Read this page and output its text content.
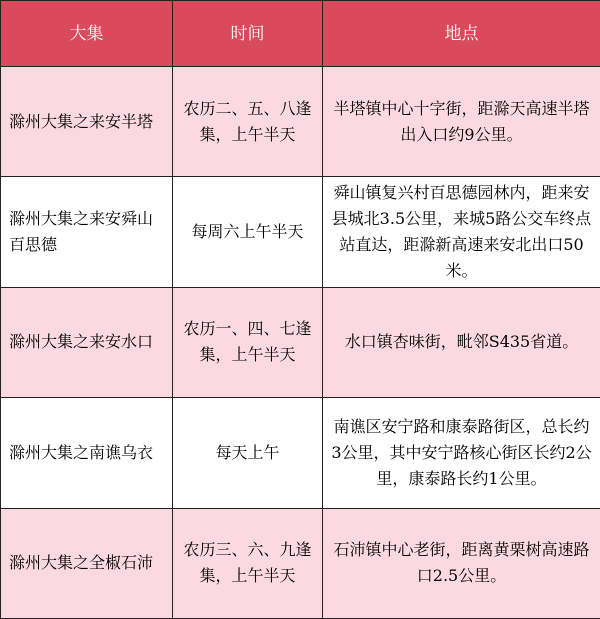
大集	时间	地点
滁州大集之来安半塔	农历二、五、八逢集，上午半天	半塔镇中心十字街，距滁天高速半塔出入口约9公里。
滁州大集之来安舜山百思德	每周六上午半天	舜山镇复兴村百思德园林内，距来安县城北3.5公里，来城5路公交车终点站直达，距滁新高速来安北出口50米。
滁州大集之来安水口	农历一、四、七逢集，上午半天	水口镇杏味街，毗邻S435省道。
滁州大集之南谯乌衣	每天上午	南谯区安宁路和康泰路街区，总长约3公里，其中安宁路核心街区长约2公里，康泰路长约1公里。
滁州大集之全椒石沛	农历三、六、九逢集，上午半天	石沛镇中心老街，距离黄栗树高速路口2.5公里。
